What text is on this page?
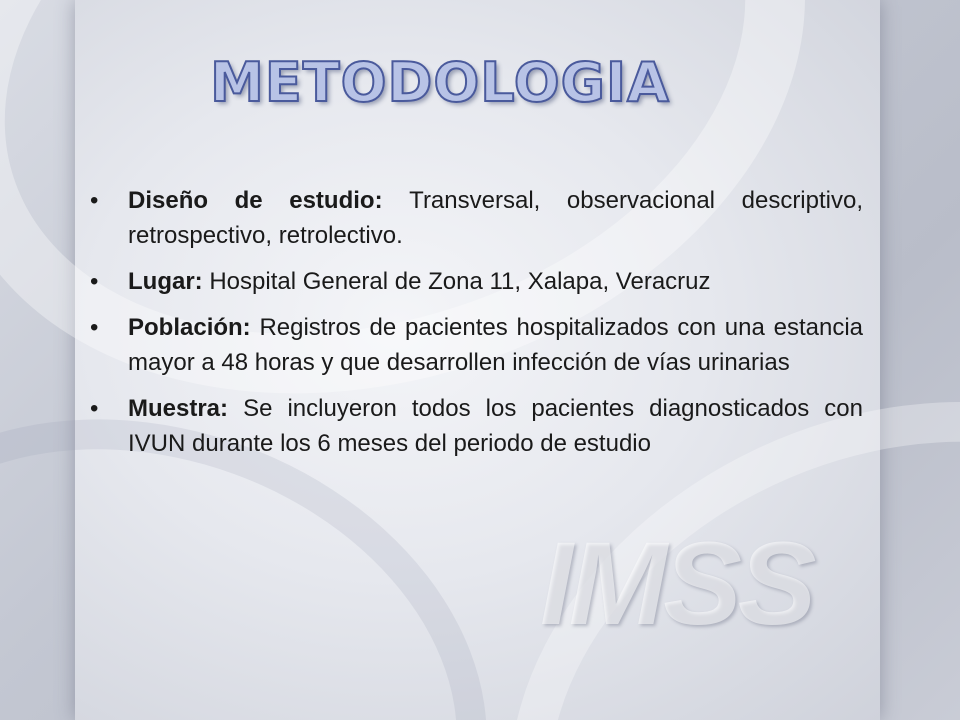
IMSS
METODOLOGIA
• Diseño de estudio: Transversal, observacional descriptivo, retrospectivo, retrolectivo.
• Lugar: Hospital General de Zona 11, Xalapa, Veracruz
• Población: Registros de pacientes hospitalizados con una estancia mayor a 48 horas y que desarrollen infección de vías urinarias
• Muestra: Se incluyeron todos los pacientes diagnosticados con IVUN durante los 6 meses del periodo de estudio
